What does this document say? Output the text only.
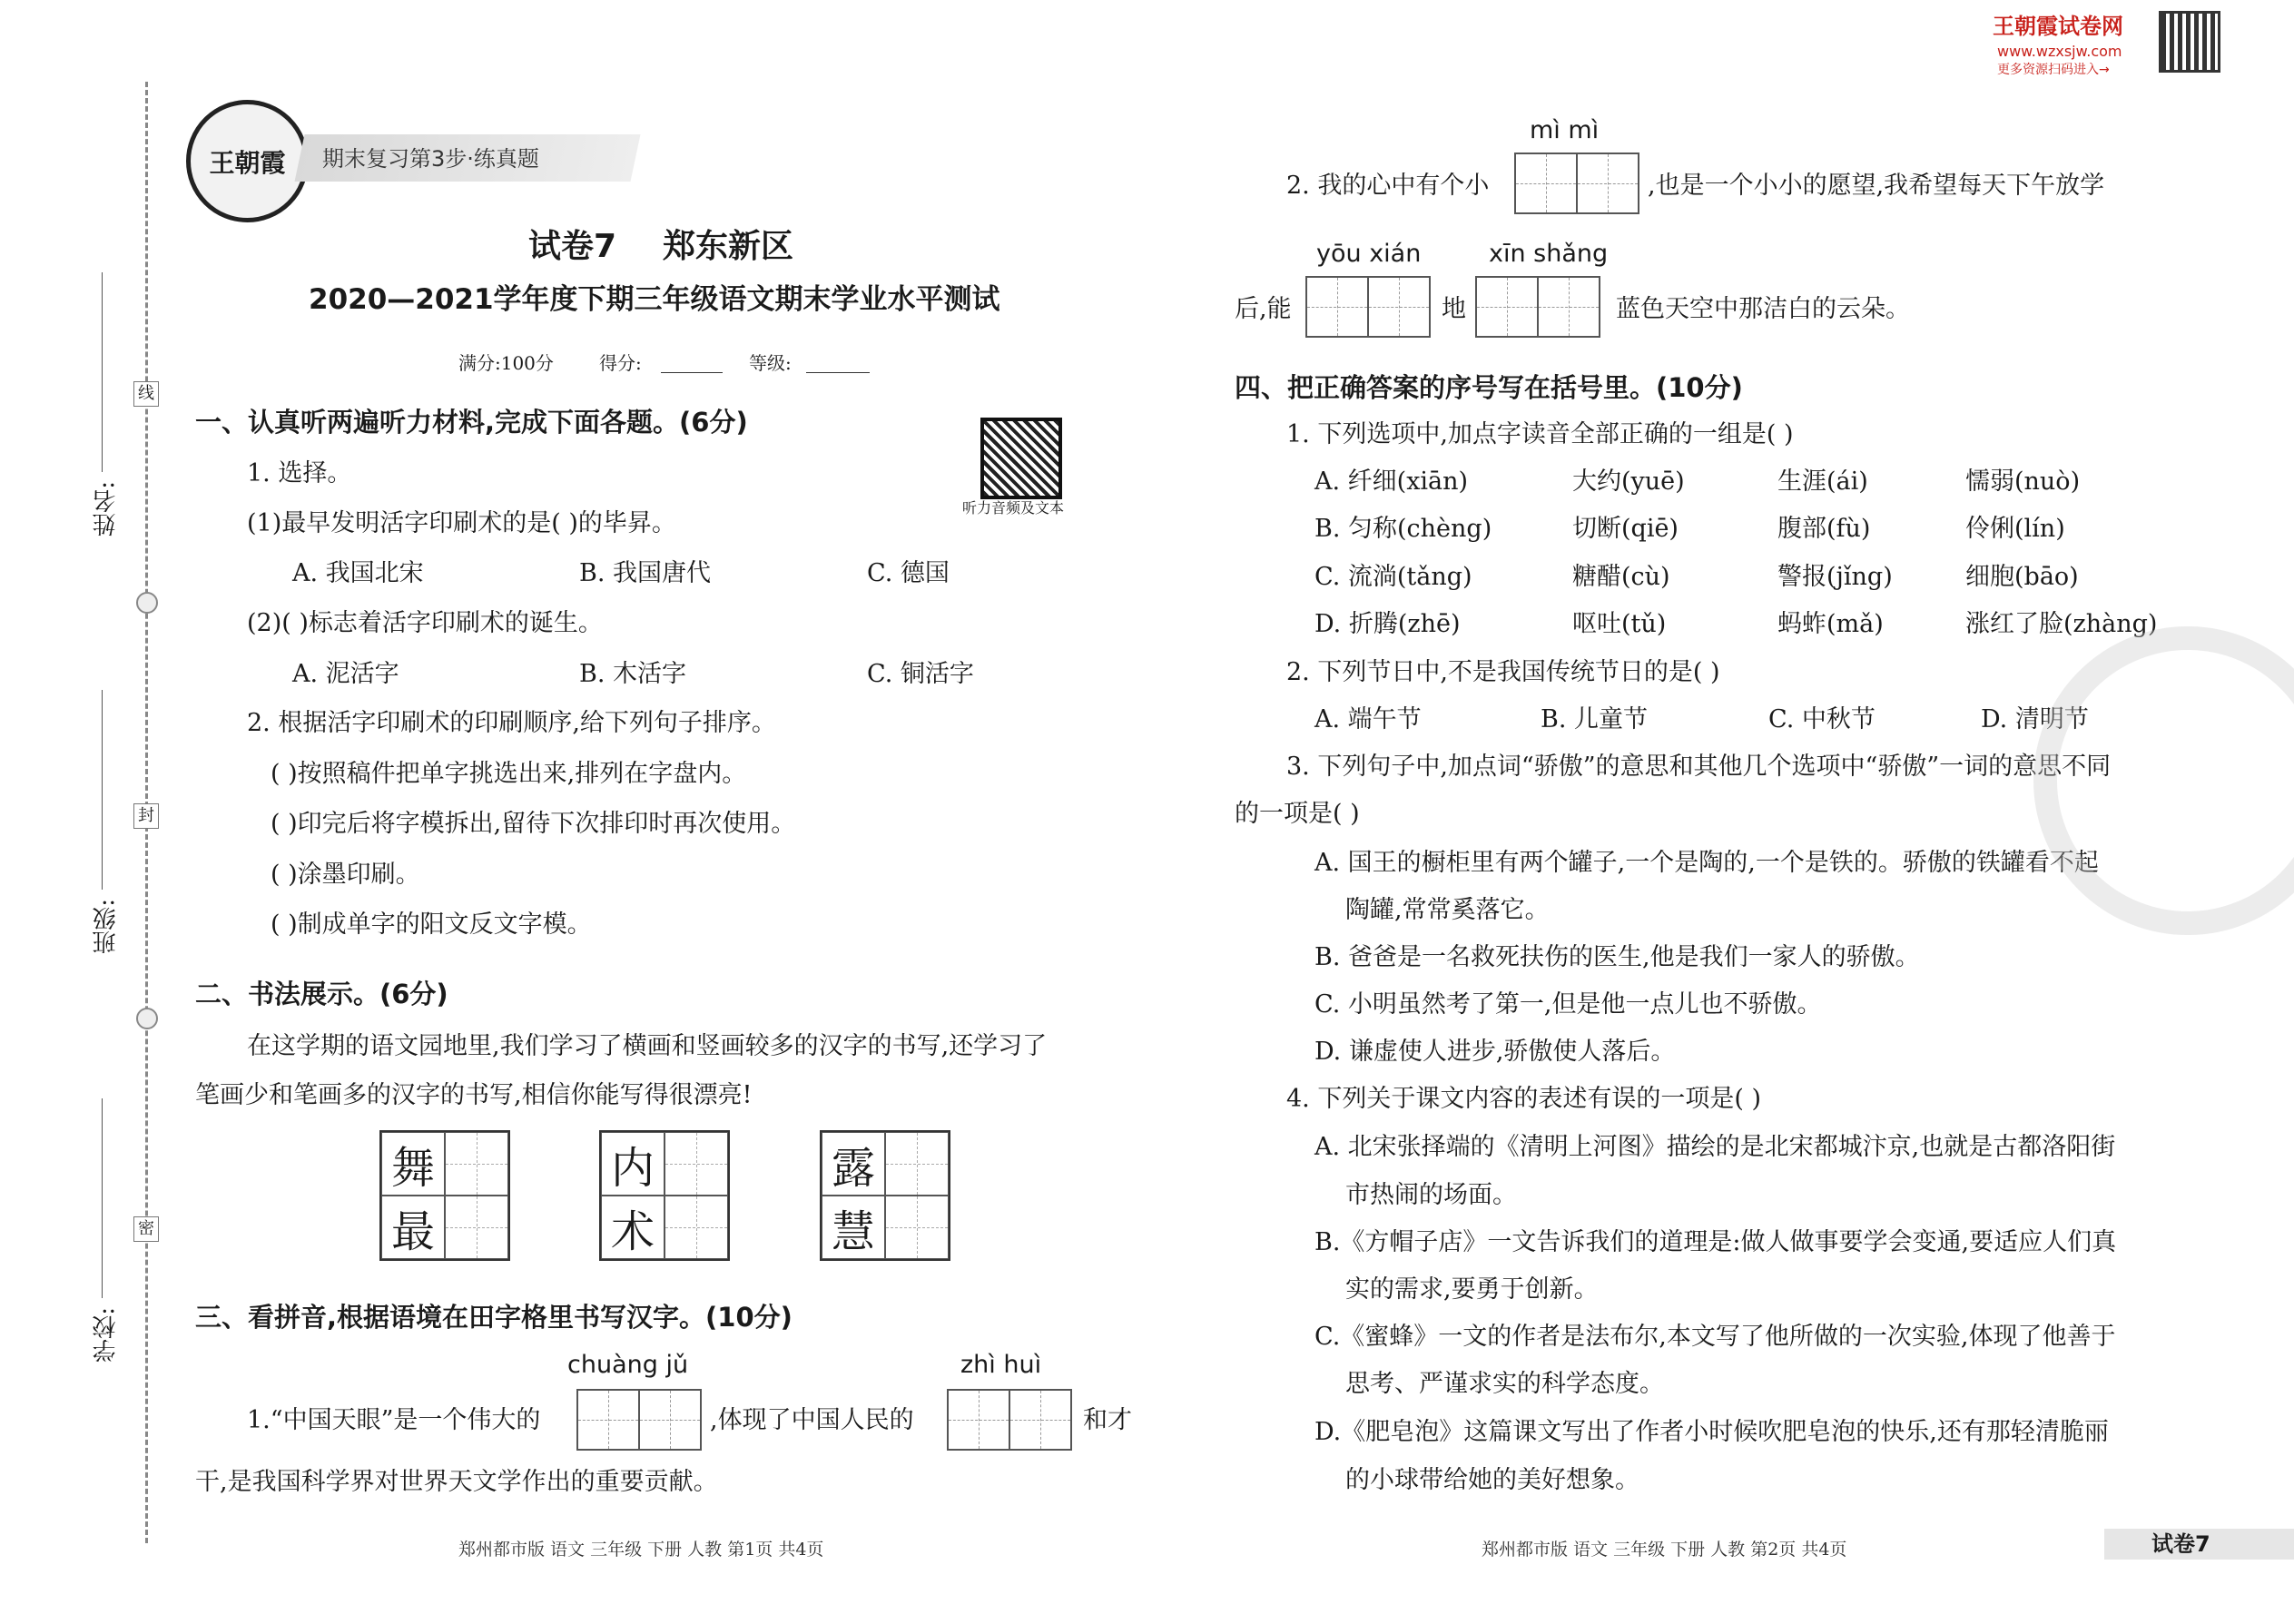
线
封
密
姓名:
班级:
学校:
王朝霞 期末复习第3步·练真题
王朝霞试卷网
www.wzxsjw.com
更多资源扫码进入→
试卷7 郑东新区
2020—2021学年度下期三年级语文期末学业水平测试
满分:100分	得分:	等级:
听力音频及文本
一、认真听两遍听力材料,完成下面各题。(6分)
1. 选择。
(1)最早发明活字印刷术的是( )的毕昇。
A. 我国北宋	B. 我国唐代	C. 德国
(2)( )标志着活字印刷术的诞生。
A. 泥活字	B. 木活字	C. 铜活字
2. 根据活字印刷术的印刷顺序,给下列句子排序。
( )按照稿件把单字挑选出来,排列在字盘内。
( )印完后将字模拆出,留待下次排印时再次使用。
( )涂墨印刷。
( )制成单字的阳文反文字模。
二、书法展示。(6分)
在这学期的语文园地里,我们学习了横画和竖画较多的汉字的书写,还学习了
笔画少和笔画多的汉字的书写,相信你能写得很漂亮!
舞
最
内
术
露
慧
三、看拼音,根据语境在田字格里书写汉字。(10分)
chuàng jǔ	zhì huì
1.“中国天眼”是一个伟大的	,体现了中国人民的	和才
干,是我国科学界对世界天文学作出的重要贡献。
郑州都市版 语文 三年级 下册 人教 第1页 共4页
mì mì
2. 我的心中有个小	,也是一个小小的愿望,我希望每天下午放学
yōu xián	xīn shǎng
后,能	地	蓝色天空中那洁白的云朵。
四、把正确答案的序号写在括号里。(10分)
1. 下列选项中,加点字读音全部正确的一组是( )
A. 纤细(xiān)	大约(yuē)	生涯(ái)	懦弱(nuò)
B. 匀称(chèng)	切断(qiē)	腹部(fù)	伶俐(lín)
C. 流淌(tǎng)	糖醋(cù)	警报(jǐng)	细胞(bāo)
D. 折腾(zhē)	呕吐(tǔ)	蚂蚱(mǎ)	涨红了脸(zhàng)
2. 下列节日中,不是我国传统节日的是( )
A. 端午节	B. 儿童节	C. 中秋节	D. 清明节
3. 下列句子中,加点词“骄傲”的意思和其他几个选项中“骄傲”一词的意思不同
的一项是( )
A. 国王的橱柜里有两个罐子,一个是陶的,一个是铁的。骄傲的铁罐看不起
陶罐,常常奚落它。
B. 爸爸是一名救死扶伤的医生,他是我们一家人的骄傲。
C. 小明虽然考了第一,但是他一点儿也不骄傲。
D. 谦虚使人进步,骄傲使人落后。
4. 下列关于课文内容的表述有误的一项是( )
A. 北宋张择端的《清明上河图》描绘的是北宋都城汴京,也就是古都洛阳街
市热闹的场面。
B.《方帽子店》一文告诉我们的道理是:做人做事要学会变通,要适应人们真
实的需求,要勇于创新。
C.《蜜蜂》一文的作者是法布尔,本文写了他所做的一次实验,体现了他善于
思考、严谨求实的科学态度。
D.《肥皂泡》这篇课文写出了作者小时候吹肥皂泡的快乐,还有那轻清脆丽
的小球带给她的美好想象。
郑州都市版 语文 三年级 下册 人教 第2页 共4页	试卷7
